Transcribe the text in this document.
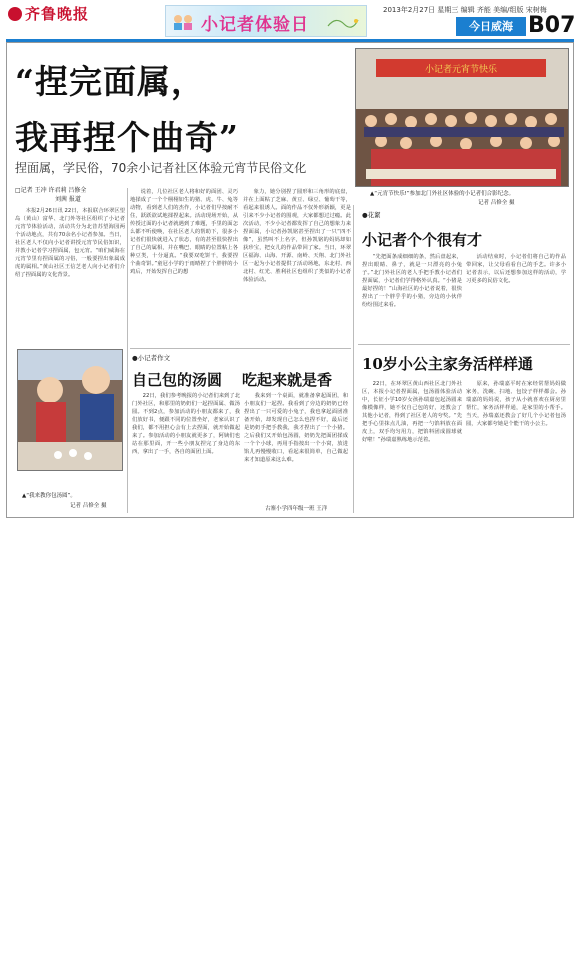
齐鲁晚报
小记者体验日
2013年2月27日 星期三 编辑 齐能 美编/组版 宋树梅
今日威海 B07
“捏完面属，
我再捏个曲奇”
捏面属，学民俗，70余小记者社区体验元宵节民俗文化
小记者元宵节快乐
▲“元宵节快乐!”参加北门外社区体验的小记者们合影纪念。
记者 吕修全 摄
□记者 王冲 许君莉 吕修全
刘茜 报道

本报2月26日讯 22日，本报联合环翠区望岛（黄山）富华、北门外等社区组织了小记者元宵节体验活动，活动共分为北昔苏望海园两个活动地点，共有70余名小记者参加。当日，社区老人不仅向小记者讲授元宵节民俗知识，并教小记者学习捏面属，包元宵。“咱们威海在元宵节里有捏面属的习俗，一般要捏出象属成虎的属相。”黄山社区王信芝老人向小记者们介绍了捏面属的文化背景。

说着，几位社区老人将和好的面团、灵巧地揉成了一个个栩栩如生的猪、虎、牛、兔等动物，看到老人们的杰作，小记者们早按耐不住，跃跃欲试地揉捏起来。活动现场开始，从传授过面的小记者就遇到了难题，手里的面怎么都不听使唤，在社区老人的帮助下，很多小记者们很快就进入了状态，有的甚至很快捏出了自己的属相，并在嘴巴、眼睛的位置粘上各种豆类，十分逼真。“我要双吃饼干，我要捏个曲奇饼。”童冠小学的于雨晴捏了个胖胖的小鸡后，开始发挥自己的想

象力，她分别捏了圆形和三角形的底盘，并在上面粘了芝麻、黄豆、绿豆、葡萄干等，看起来很诱人。面的作品不仅外形新颖，更是引来不少小记者的围观，大家都想过过瘾。此次活动，不少小记者都发挥了自己的想象力来捏面属，小记者孙凯铭甚至捏出了一只“四不像”，虽然叫不上名字，但孙凯铭的妈妈却如获珍宝，把女儿的作品带回了家。当日，环翠区福海、山海、开源、南岭、天翔、北门外社区一起为小记者提供了活动场地，东北村、西北村、红光、胜利社区也组织了类似的小记者体验活动。

▲“我来教你包汤圆”。
记者 吕修全 摄
●小记者作文
自己包的汤圆 吃起来就是香

22日，我们参考晚报的小记者们来到了北门外社区，和那里的奶奶们一起捏面属、做汤圆。不到2点，参加活动的小朋友都来了，我们放好书，便跟不同的位置坐好，老家认识了我们，都不用担心会有上去捏面，就开始做起来了。参加活动的小朋友就更多了，阿姨们也站在那里面，开一些小朋友捏完了身边的东西，拿出了一手，各自的面团上面。

我来到一个桌面，就准备拿起面团，和小朋友们一起捏。我看到了旁边的奶奶已经捏出了一只可爱的小兔子，我也拿起面团准备开始，却发现自己怎么也捏不好，最后还是奶奶手把手教我，我才捏出了一个小猪。之后我们又开始包汤圆，奶奶先把面团揉成一个个小球，再用手指按出一个小窝，放进馅儿再慢慢收口，看起来很简单，自己做起来才知道原来这么难。

古寨小学四年级一班 王洋
●花絮
小记者个个很有才

“先把面条成细细的条，然后盘起来，捏出眼睛、鼻子，就是一只漂亮的小兔子。”北门外社区的老人手把手教小记者们捏面属，小记者们学得格外认真。“小猪是最好捏的！”山海社区的小记者说着，很快捏出了一个胖乎乎的小猪，旁边的小伙伴纷纷围过来看。

活动结束时，小记者们将自己的作品带回家，让父母看看自己的手艺。许多小记者表示，以后还想参加这样的活动，学习更多的民俗文化。

10岁小公主家务活样样通

22日，在环翠区黄山西社区北门外社区，本报小记者捏面属，包汤圆体验活动中，长征小学10岁女孩孙瑞嘉包起汤圆来像模像样，她不仅自己包的好，还教会了其他小记者，得到了社区老人的夸奖。“先把手心里抹点儿油，再把一勺馅料放在面皮上，双手均匀用力，把馅料团成圆球就好啦！”孙瑞嘉熟练地示范着。

原来，孙瑞嘉平时在家经常帮妈妈做家务，洗碗、扫地、包饺子样样都会。孙瑞嘉的妈妈说，孩子从小就喜欢在厨房里帮忙，家务活样样通，是家里的小帮手。当天，孙瑞嘉还教会了好几个小记者包汤圆，大家都夸她是个能干的小公主。
